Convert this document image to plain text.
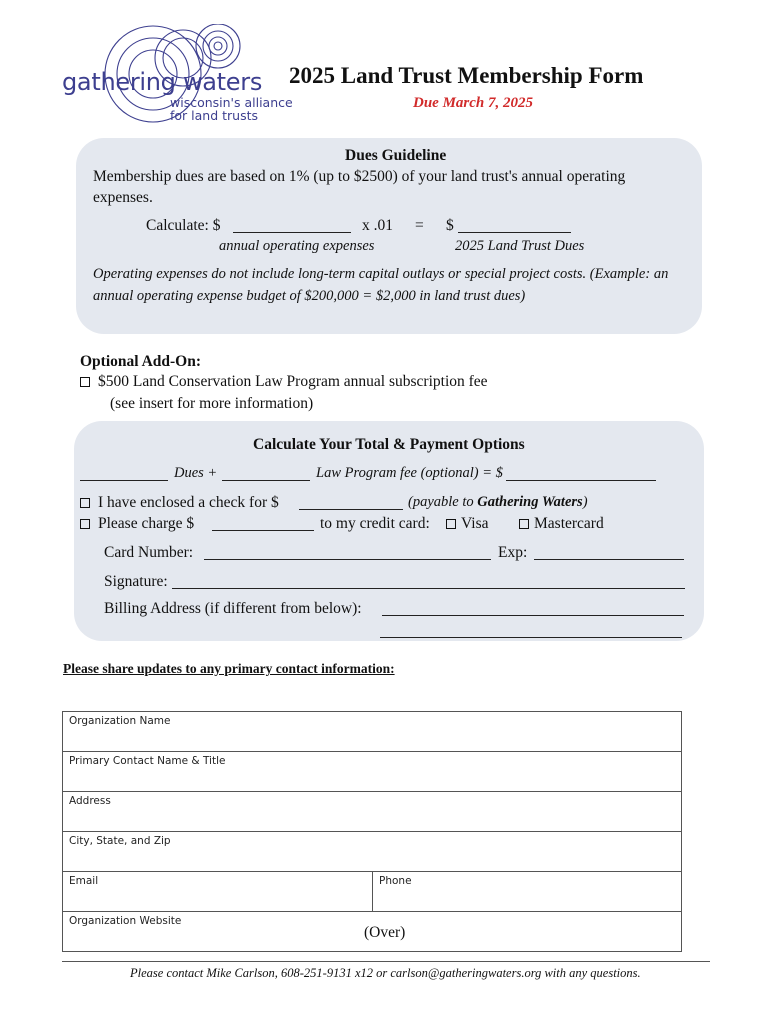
gathering waters
wisconsin's alliance
for land trusts
2025 Land Trust Membership Form
Due March 7, 2025
Dues Guideline
Membership dues are based on 1% (up to $2500) of your land trust's annual operating
expenses.
Calculate: $	x .01 = $
annual operating expenses	2025 Land Trust Dues
Operating expenses do not include long-term capital outlays or special project costs. (Example: an
annual operating expense budget of $200,000 = $2,000 in land trust dues)
Optional Add-On:
$500 Land Conservation Law Program annual subscription fee
(see insert for more information)
Calculate Your Total & Payment Options
Dues +	Law Program fee (optional) = $
I have enclosed a check for $	(payable to Gathering Waters)
Please charge $	to my credit card:	Visa	Mastercard
Card Number:	Exp:
Signature:
Billing Address (if different from below):
Please share updates to any primary contact information:
Organization Name
Primary Contact Name & Title
Address
City, State, and Zip
Email	Phone
Organization Website
(Over)
Please contact Mike Carlson, 608-251-9131 x12 or carlson@gatheringwaters.org with any questions.
